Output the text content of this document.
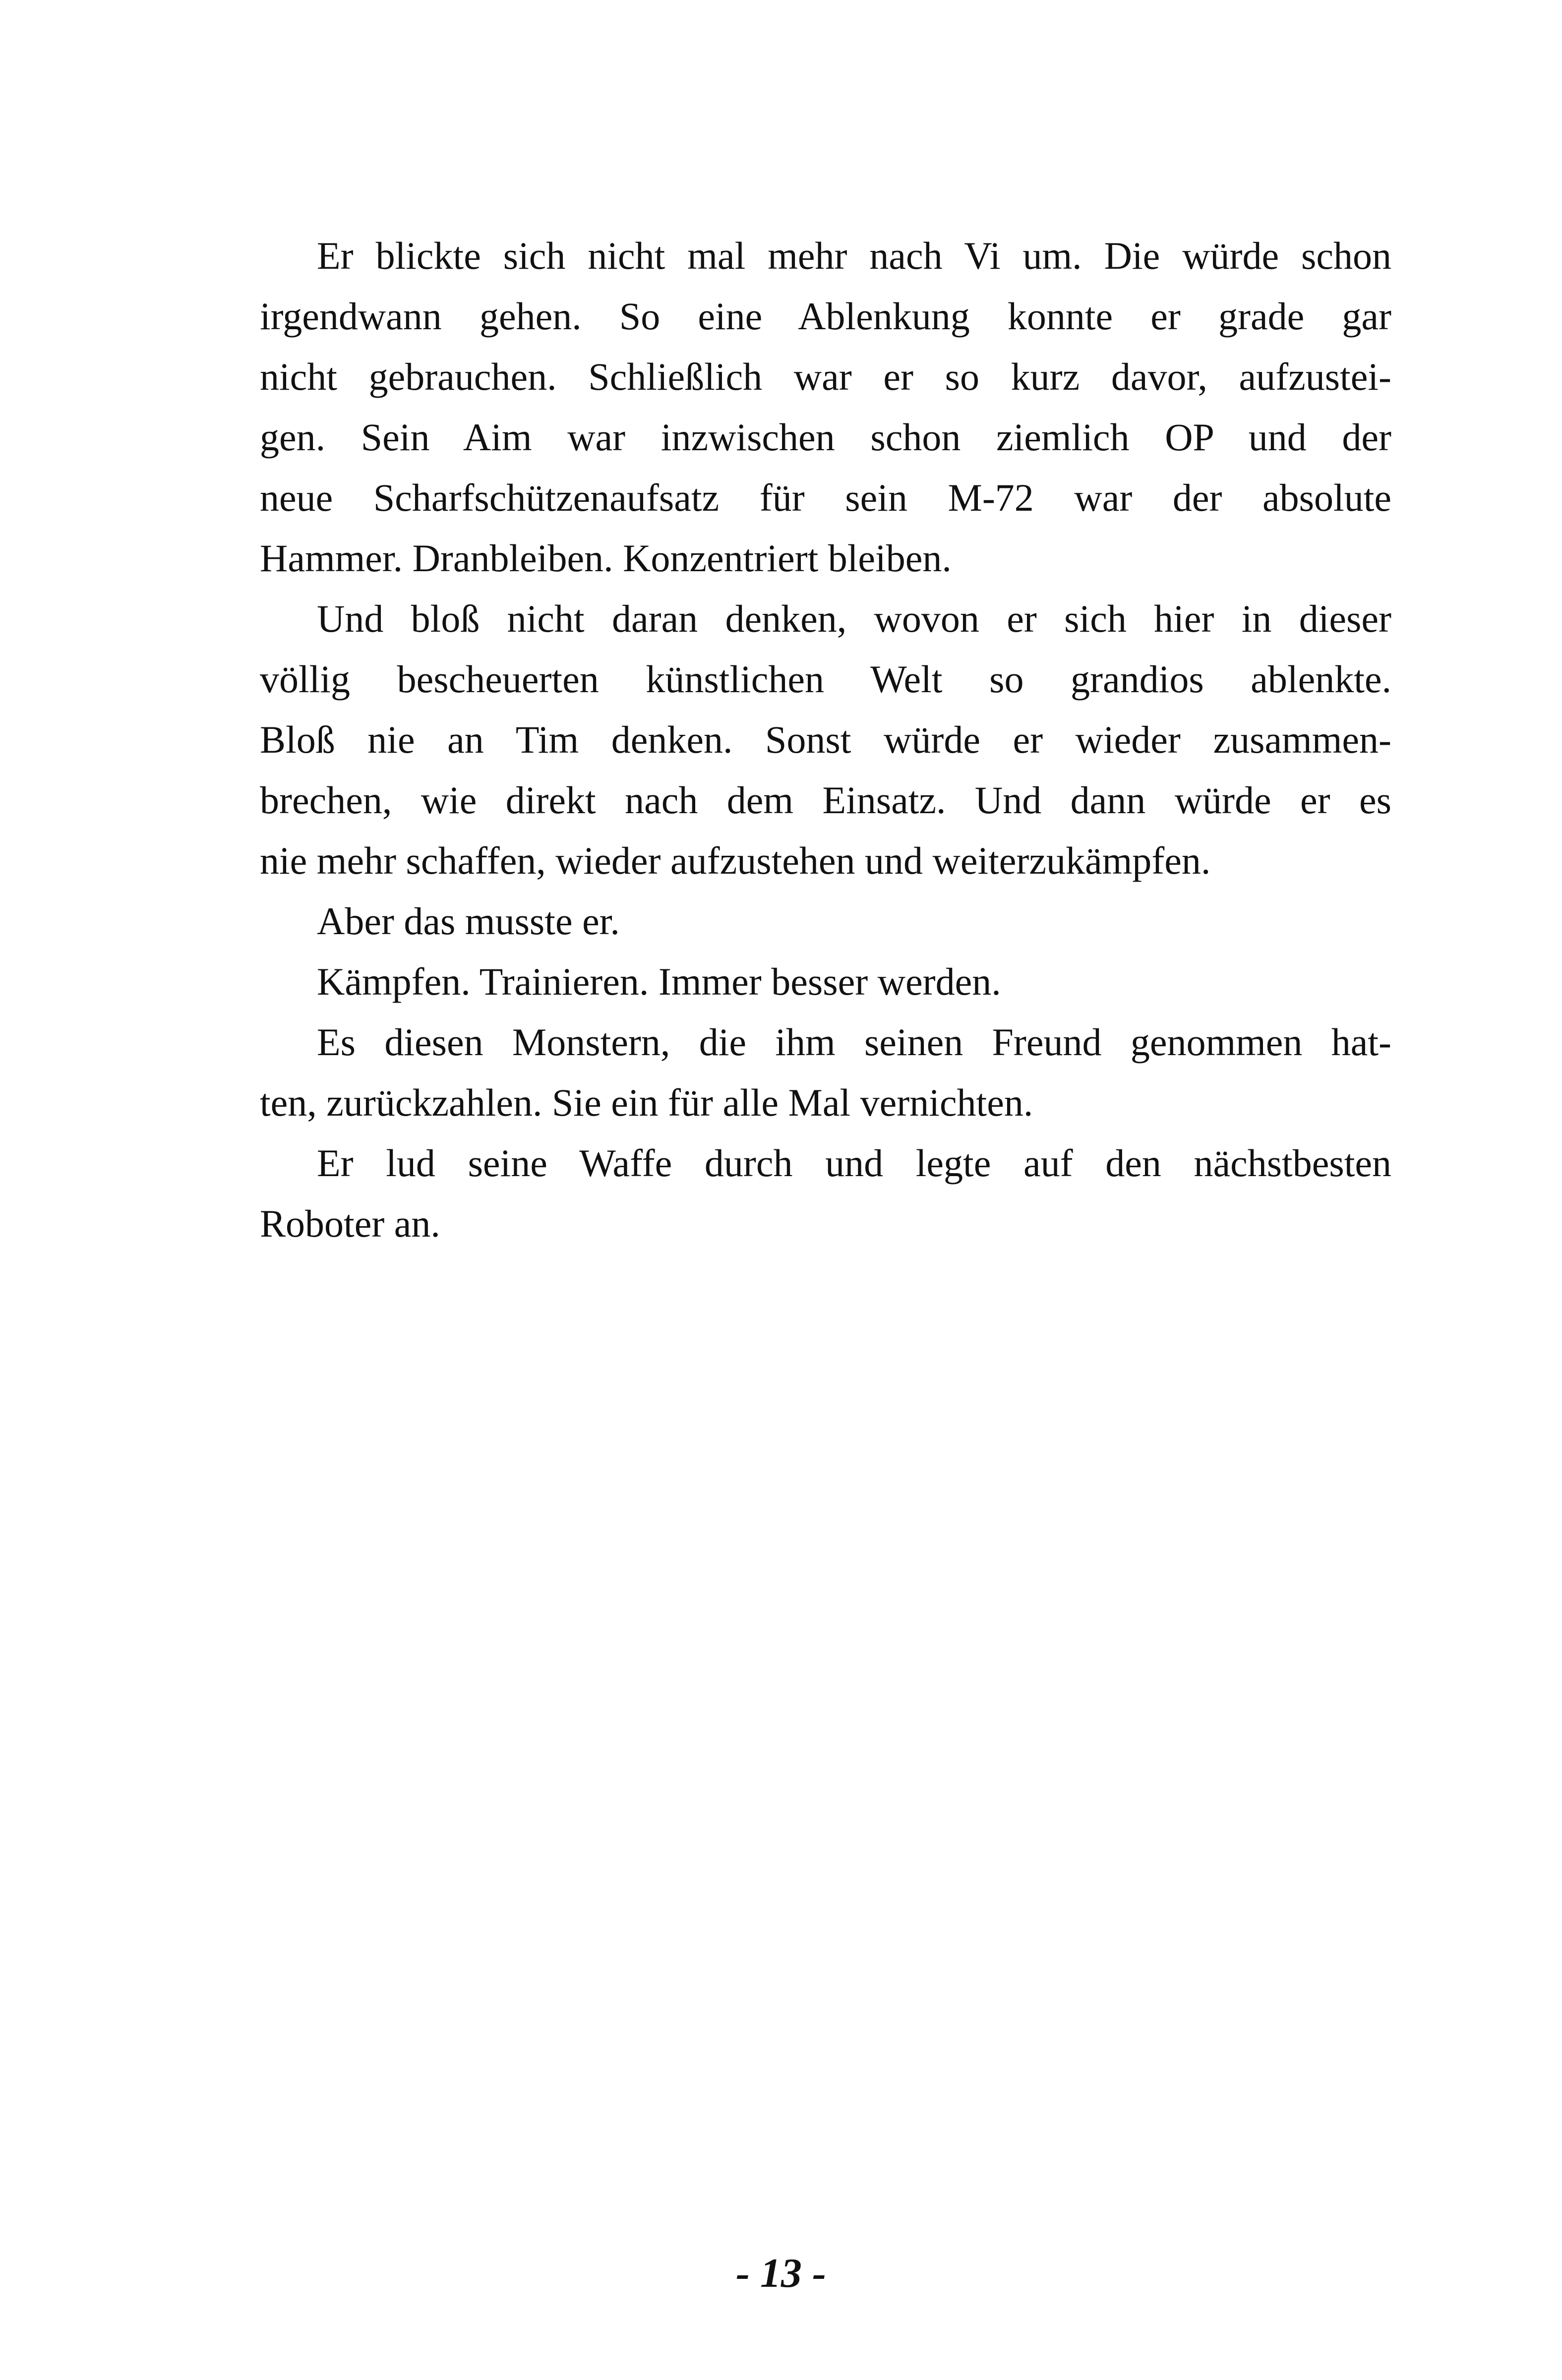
Er blickte sich nicht mal mehr nach Vi um. Die würde schon
irgendwann gehen. So eine Ablenkung konnte er grade gar
nicht gebrauchen. Schließlich war er so kurz davor, aufzustei-
gen. Sein Aim war inzwischen schon ziemlich OP und der
neue Scharfschützenaufsatz für sein M-72 war der absolute
Hammer. Dranbleiben. Konzentriert bleiben.
Und bloß nicht daran denken, wovon er sich hier in dieser
völlig bescheuerten künstlichen Welt so grandios ablenkte.
Bloß nie an Tim denken. Sonst würde er wieder zusammen-
brechen, wie direkt nach dem Einsatz. Und dann würde er es
nie mehr schaffen, wieder aufzustehen und weiterzukämpfen.
Aber das musste er.
Kämpfen. Trainieren. Immer besser werden.
Es diesen Monstern, die ihm seinen Freund genommen hat-
ten, zurückzahlen. Sie ein für alle Mal vernichten.
Er lud seine Waffe durch und legte auf den nächstbesten
Roboter an.
- 13 -
